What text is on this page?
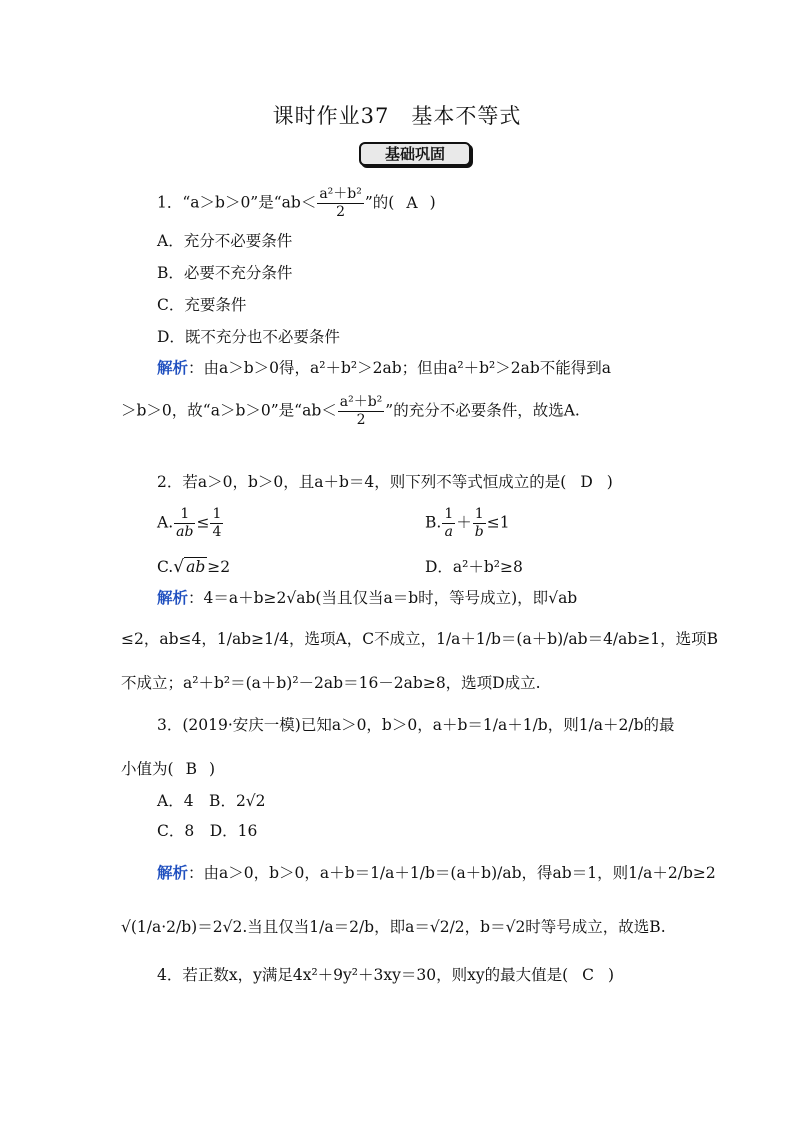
课时作业37　基本不等式
基础巩固
1．“a＞b＞0”是“$ab< \frac{\text{a²＋b²}}{2}$ ”的( A )
A．充分不必要条件
B．必要不充分条件
C．充要条件
D．既不充分也不必要条件
解析：由a＞b＞0得，a²＋b²＞2ab；但由a²＋b²＞2ab不能得到a
＞b＞0，故“a＞b＞0”是“$ab< \frac{\text{a²＋b²}}{2}$ ”的充分不必要条件，故选A.
2．若a＞0，b＞0，且a＋b＝4，则下列不等式恒成立的是( D )
A. $\frac{1}{ab} \le \frac{1}{4}$	B. $\frac{1}{a} + \frac{1}{b} \le 1$
C.√ ab ≥2	D．a²＋b²≥8
解析：4＝a＋b≥2√ab(当且仅当a＝b时，等号成立)，即√ab
≤2，ab≤4，1/ab≥1/4，选项A，C不成立，1/a＋1/b＝(a＋b)/ab＝4/ab≥1，选项B
不成立；a²＋b²＝(a＋b)²－2ab＝16－2ab≥8，选项D成立.
3．(2019·安庆一模)已知a＞0，b＞0，a＋b＝1/a＋1/b，则1/a＋2/b的最
小值为( B )
A．4　B．2√2
C．8　D．16
解析：由a＞0，b＞0，a＋b＝1/a＋1/b＝(a＋b)/ab，得ab＝1，则1/a＋2/b≥2
√(1/a·2/b)＝2√2.当且仅当1/a＝2/b，即a＝√2/2，b＝√2时等号成立，故选B.
4．若正数x，y满足4x²＋9y²＋3xy＝30，则xy的最大值是( C )
